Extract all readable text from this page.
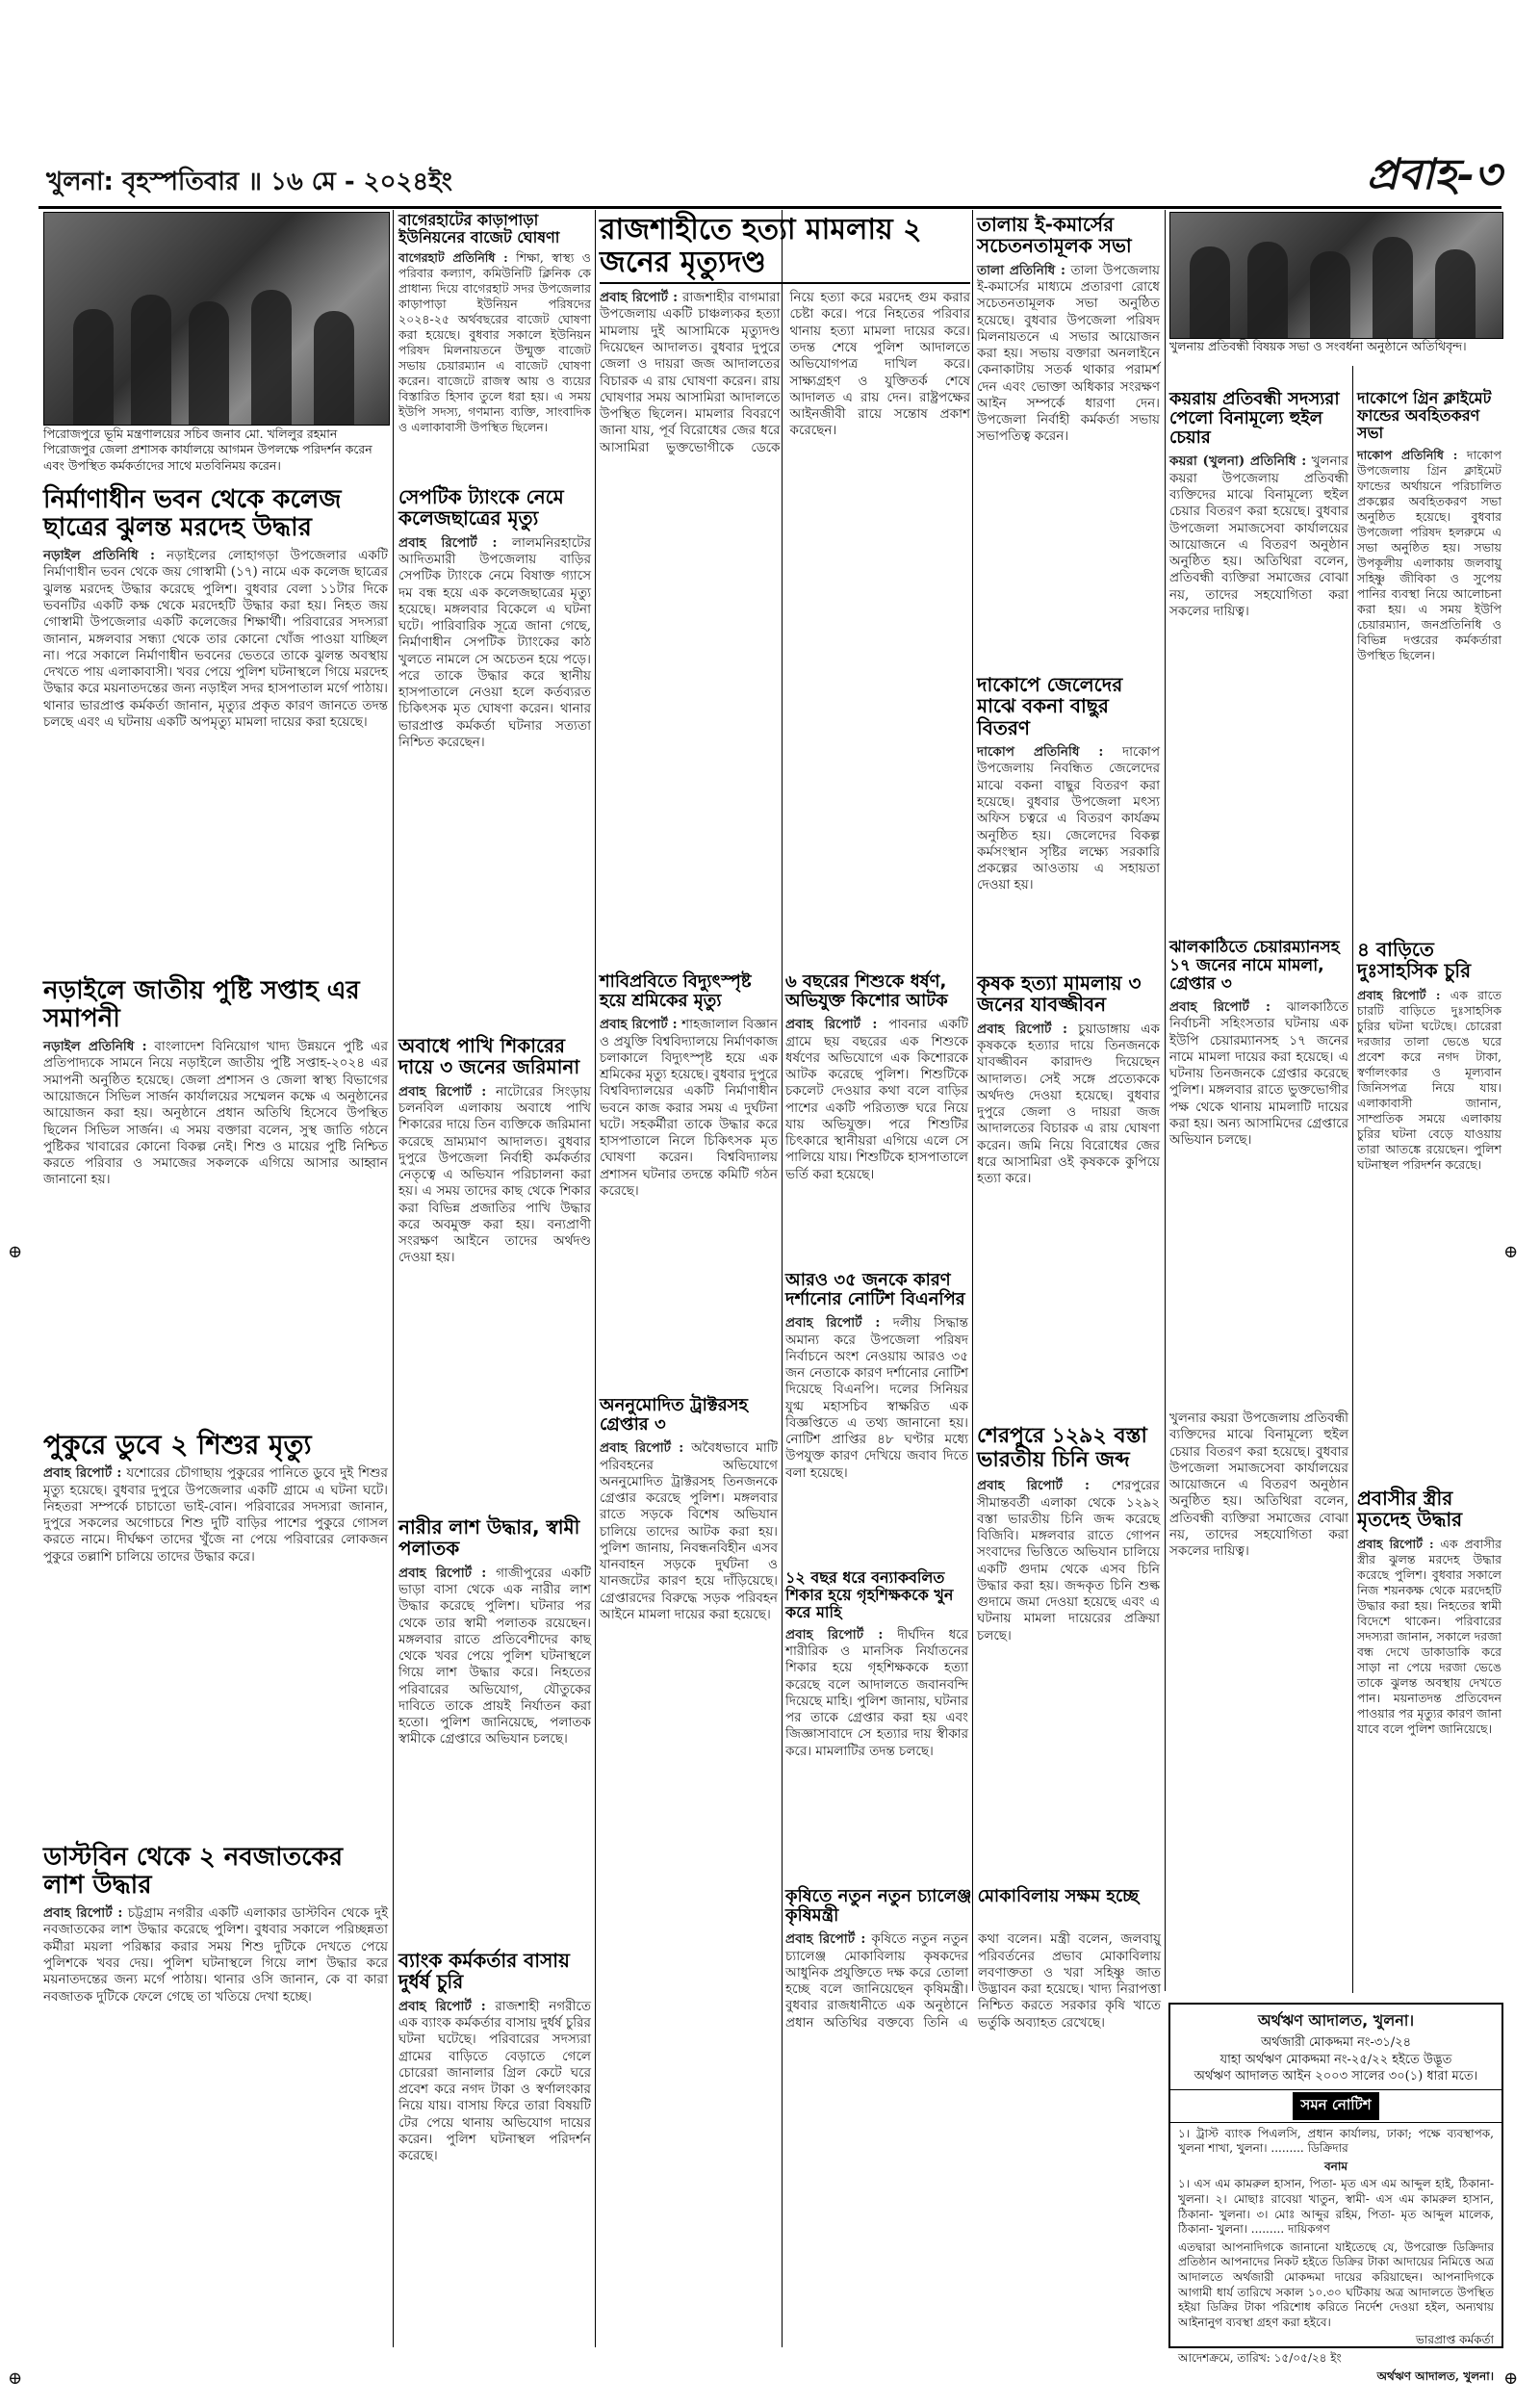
খুলনা: বৃহস্পতিবার ॥ ১৬ মে - ২০২৪ইং	প্রবাহ-৩
পিরোজপুরে ভূমি মন্ত্রণালয়ের সচিব জনাব মো. খলিলুর রহমান পিরোজপুর জেলা প্রশাসক কার্যালয়ে আগমন উপলক্ষে পরিদর্শন করেন এবং উপস্থিত কর্মকর্তাদের সাথে মতবিনিময় করেন।
নির্মাণাধীন ভবন থেকে কলেজ ছাত্রের ঝুলন্ত মরদেহ উদ্ধার
নড়াইল প্রতিনিধি : নড়াইলের লোহাগড়া উপজেলার একটি নির্মাণাধীন ভবন থেকে জয় গোস্বামী (১৭) নামে এক কলেজ ছাত্রের ঝুলন্ত মরদেহ উদ্ধার করেছে পুলিশ। বুধবার বেলা ১১টার দিকে ভবনটির একটি কক্ষ থেকে মরদেহটি উদ্ধার করা হয়। নিহত জয় গোস্বামী উপজেলার একটি কলেজের শিক্ষার্থী। পরিবারের সদস্যরা জানান, মঙ্গলবার সন্ধ্যা থেকে তার কোনো খোঁজ পাওয়া যাচ্ছিল না। পরে সকালে নির্মাণাধীন ভবনের ভেতরে তাকে ঝুলন্ত অবস্থায় দেখতে পায় এলাকাবাসী। খবর পেয়ে পুলিশ ঘটনাস্থলে গিয়ে মরদেহ উদ্ধার করে ময়নাতদন্তের জন্য নড়াইল সদর হাসপাতাল মর্গে পাঠায়। থানার ভারপ্রাপ্ত কর্মকর্তা জানান, মৃত্যুর প্রকৃত কারণ জানতে তদন্ত চলছে এবং এ ঘটনায় একটি অপমৃত্যু মামলা দায়ের করা হয়েছে।
নড়াইলে জাতীয় পুষ্টি সপ্তাহ এর সমাপনী
নড়াইল প্রতিনিধি : বাংলাদেশ বিনিয়োগ খাদ্য উন্নয়নে পুষ্টি এর প্রতিপাদ্যকে সামনে নিয়ে নড়াইলে জাতীয় পুষ্টি সপ্তাহ-২০২৪ এর সমাপনী অনুষ্ঠিত হয়েছে। জেলা প্রশাসন ও জেলা স্বাস্থ্য বিভাগের আয়োজনে সিভিল সার্জন কার্যালয়ের সম্মেলন কক্ষে এ অনুষ্ঠানের আয়োজন করা হয়। অনুষ্ঠানে প্রধান অতিথি হিসেবে উপস্থিত ছিলেন সিভিল সার্জন। এ সময় বক্তারা বলেন, সুস্থ জাতি গঠনে পুষ্টিকর খাবারের কোনো বিকল্প নেই। শিশু ও মায়ের পুষ্টি নিশ্চিত করতে পরিবার ও সমাজের সকলকে এগিয়ে আসার আহ্বান জানানো হয়।
পুকুরে ডুবে ২ শিশুর মৃত্যু
প্রবাহ রিপোর্ট : যশোরের চৌগাছায় পুকুরের পানিতে ডুবে দুই শিশুর মৃত্যু হয়েছে। বুধবার দুপুরে উপজেলার একটি গ্রামে এ ঘটনা ঘটে। নিহতরা সম্পর্কে চাচাতো ভাই-বোন। পরিবারের সদস্যরা জানান, দুপুরে সকলের অগোচরে শিশু দুটি বাড়ির পাশের পুকুরে গোসল করতে নামে। দীর্ঘক্ষণ তাদের খুঁজে না পেয়ে পরিবারের লোকজন পুকুরে তল্লাশি চালিয়ে তাদের উদ্ধার করে।
ডাস্টবিন থেকে ২ নবজাতকের লাশ উদ্ধার
প্রবাহ রিপোর্ট : চট্টগ্রাম নগরীর একটি এলাকার ডাস্টবিন থেকে দুই নবজাতকের লাশ উদ্ধার করেছে পুলিশ। বুধবার সকালে পরিচ্ছন্নতা কর্মীরা ময়লা পরিষ্কার করার সময় শিশু দুটিকে দেখতে পেয়ে পুলিশকে খবর দেয়। পুলিশ ঘটনাস্থলে গিয়ে লাশ উদ্ধার করে ময়নাতদন্তের জন্য মর্গে পাঠায়। থানার ওসি জানান, কে বা কারা নবজাতক দুটিকে ফেলে গেছে তা খতিয়ে দেখা হচ্ছে।
সেপটিক ট্যাংকে নেমে কলেজছাত্রের মৃত্যু
প্রবাহ রিপোর্ট : লালমনিরহাটের আদিতমারী উপজেলায় বাড়ির সেপটিক ট্যাংকে নেমে বিষাক্ত গ্যাসে দম বন্ধ হয়ে এক কলেজছাত্রের মৃত্যু হয়েছে। মঙ্গলবার বিকেলে এ ঘটনা ঘটে। পারিবারিক সূত্রে জানা গেছে, নির্মাণাধীন সেপটিক ট্যাংকের কাঠ খুলতে নামলে সে অচেতন হয়ে পড়ে। পরে তাকে উদ্ধার করে স্থানীয় হাসপাতালে নেওয়া হলে কর্তব্যরত চিকিৎসক মৃত ঘোষণা করেন। থানার ভারপ্রাপ্ত কর্মকর্তা ঘটনার সত্যতা নিশ্চিত করেছেন।
অবাধে পাখি শিকারের দায়ে ৩ জনের জরিমানা
প্রবাহ রিপোর্ট : নাটোরের সিংড়ায় চলনবিল এলাকায় অবাধে পাখি শিকারের দায়ে তিন ব্যক্তিকে জরিমানা করেছে ভ্রাম্যমাণ আদালত। বুধবার দুপুরে উপজেলা নির্বাহী কর্মকর্তার নেতৃত্বে এ অভিযান পরিচালনা করা হয়। এ সময় তাদের কাছ থেকে শিকার করা বিভিন্ন প্রজাতির পাখি উদ্ধার করে অবমুক্ত করা হয়। বন্যপ্রাণী সংরক্ষণ আইনে তাদের অর্থদণ্ড দেওয়া হয়।
নারীর লাশ উদ্ধার, স্বামী পলাতক
প্রবাহ রিপোর্ট : গাজীপুরের একটি ভাড়া বাসা থেকে এক নারীর লাশ উদ্ধার করেছে পুলিশ। ঘটনার পর থেকে তার স্বামী পলাতক রয়েছেন। মঙ্গলবার রাতে প্রতিবেশীদের কাছ থেকে খবর পেয়ে পুলিশ ঘটনাস্থলে গিয়ে লাশ উদ্ধার করে। নিহতের পরিবারের অভিযোগ, যৌতুকের দাবিতে তাকে প্রায়ই নির্যাতন করা হতো। পুলিশ জানিয়েছে, পলাতক স্বামীকে গ্রেপ্তারে অভিযান চলছে।
ব্যাংক কর্মকর্তার বাসায় দুর্ধর্ষ চুরি
প্রবাহ রিপোর্ট : রাজশাহী নগরীতে এক ব্যাংক কর্মকর্তার বাসায় দুর্ধর্ষ চুরির ঘটনা ঘটেছে। পরিবারের সদস্যরা গ্রামের বাড়িতে বেড়াতে গেলে চোরেরা জানালার গ্রিল কেটে ঘরে প্রবেশ করে নগদ টাকা ও স্বর্ণালংকার নিয়ে যায়। বাসায় ফিরে তারা বিষয়টি টের পেয়ে থানায় অভিযোগ দায়ের করেন। পুলিশ ঘটনাস্থল পরিদর্শন করেছে।
বাগেরহাটের কাড়াপাড়া ইউনিয়নের বাজেট ঘোষণা
বাগেরহাট প্রতিনিধি : শিক্ষা, স্বাস্থ্য ও পরিবার কল্যাণ, কমিউনিটি ক্লিনিক কে প্রাধান্য দিয়ে বাগেরহাট সদর উপজেলার কাড়াপাড়া ইউনিয়ন পরিষদের ২০২৪-২৫ অর্থবছরের বাজেট ঘোষণা করা হয়েছে। বুধবার সকালে ইউনিয়ন পরিষদ মিলনায়তনে উন্মুক্ত বাজেট সভায় চেয়ারম্যান এ বাজেট ঘোষণা করেন। বাজেটে রাজস্ব আয় ও ব্যয়ের বিস্তারিত হিসাব তুলে ধরা হয়। এ সময় ইউপি সদস্য, গণমান্য ব্যক্তি, সাংবাদিক ও এলাকাবাসী উপস্থিত ছিলেন।
শাবিপ্রবিতে বিদ্যুৎস্পৃষ্ট হয়ে শ্রমিকের মৃত্যু
প্রবাহ রিপোর্ট : শাহজালাল বিজ্ঞান ও প্রযুক্তি বিশ্ববিদ্যালয়ে নির্মাণকাজ চলাকালে বিদ্যুৎস্পৃষ্ট হয়ে এক শ্রমিকের মৃত্যু হয়েছে। বুধবার দুপুরে বিশ্ববিদ্যালয়ের একটি নির্মাণাধীন ভবনে কাজ করার সময় এ দুর্ঘটনা ঘটে। সহকর্মীরা তাকে উদ্ধার করে হাসপাতালে নিলে চিকিৎসক মৃত ঘোষণা করেন। বিশ্ববিদ্যালয় প্রশাসন ঘটনার তদন্তে কমিটি গঠন করেছে।
অননুমোদিত ট্রাক্টরসহ গ্রেপ্তার ৩
প্রবাহ রিপোর্ট : অবৈধভাবে মাটি পরিবহনের অভিযোগে অননুমোদিত ট্রাক্টরসহ তিনজনকে গ্রেপ্তার করেছে পুলিশ। মঙ্গলবার রাতে সড়কে বিশেষ অভিযান চালিয়ে তাদের আটক করা হয়। পুলিশ জানায়, নিবন্ধনবিহীন এসব যানবাহন সড়কে দুর্ঘটনা ও যানজটের কারণ হয়ে দাঁড়িয়েছে। গ্রেপ্তারদের বিরুদ্ধে সড়ক পরিবহন আইনে মামলা দায়ের করা হয়েছে।
রাজশাহীতে হত্যা মামলায় ২ জনের মৃত্যুদণ্ড
প্রবাহ রিপোর্ট : রাজশাহীর বাগমারা উপজেলায় একটি চাঞ্চল্যকর হত্যা মামলায় দুই আসামিকে মৃত্যুদণ্ড দিয়েছেন আদালত। বুধবার দুপুরে জেলা ও দায়রা জজ আদালতের বিচারক এ রায় ঘোষণা করেন। রায় ঘোষণার সময় আসামিরা আদালতে উপস্থিত ছিলেন। মামলার বিবরণে জানা যায়, পূর্ব বিরোধের জের ধরে আসামিরা ভুক্তভোগীকে ডেকে নিয়ে হত্যা করে মরদেহ গুম করার চেষ্টা করে। পরে নিহতের পরিবার থানায় হত্যা মামলা দায়ের করে। তদন্ত শেষে পুলিশ আদালতে অভিযোগপত্র দাখিল করে। সাক্ষ্যগ্রহণ ও যুক্তিতর্ক শেষে আদালত এ রায় দেন। রাষ্ট্রপক্ষের আইনজীবী রায়ে সন্তোষ প্রকাশ করেছেন।
৬ বছরের শিশুকে ধর্ষণ, অভিযুক্ত কিশোর আটক
প্রবাহ রিপোর্ট : পাবনার একটি গ্রামে ছয় বছরের এক শিশুকে ধর্ষণের অভিযোগে এক কিশোরকে আটক করেছে পুলিশ। শিশুটিকে চকলেট দেওয়ার কথা বলে বাড়ির পাশের একটি পরিত্যক্ত ঘরে নিয়ে যায় অভিযুক্ত। পরে শিশুটির চিৎকারে স্থানীয়রা এগিয়ে এলে সে পালিয়ে যায়। শিশুটিকে হাসপাতালে ভর্তি করা হয়েছে।
আরও ৩৫ জনকে কারণ দর্শানোর নোটিশ বিএনপির
প্রবাহ রিপোর্ট : দলীয় সিদ্ধান্ত অমান্য করে উপজেলা পরিষদ নির্বাচনে অংশ নেওয়ায় আরও ৩৫ জন নেতাকে কারণ দর্শানোর নোটিশ দিয়েছে বিএনপি। দলের সিনিয়র যুগ্ম মহাসচিব স্বাক্ষরিত এক বিজ্ঞপ্তিতে এ তথ্য জানানো হয়। নোটিশ প্রাপ্তির ৪৮ ঘণ্টার মধ্যে উপযুক্ত কারণ দেখিয়ে জবাব দিতে বলা হয়েছে।
১২ বছর ধরে বন্যাকবলিত শিকার হয়ে গৃহশিক্ষককে খুন করে মাহি
প্রবাহ রিপোর্ট : দীর্ঘদিন ধরে শারীরিক ও মানসিক নির্যাতনের শিকার হয়ে গৃহশিক্ষককে হত্যা করেছে বলে আদালতে জবানবন্দি দিয়েছে মাহি। পুলিশ জানায়, ঘটনার পর তাকে গ্রেপ্তার করা হয় এবং জিজ্ঞাসাবাদে সে হত্যার দায় স্বীকার করে। মামলাটির তদন্ত চলছে।
কৃষিতে নতুন নতুন চ্যালেঞ্জ মোকাবিলায় সক্ষম হচ্ছে কৃষিমন্ত্রী
প্রবাহ রিপোর্ট : কৃষিতে নতুন নতুন চ্যালেঞ্জ মোকাবিলায় কৃষকদের আধুনিক প্রযুক্তিতে দক্ষ করে তোলা হচ্ছে বলে জানিয়েছেন কৃষিমন্ত্রী। বুধবার রাজধানীতে এক অনুষ্ঠানে প্রধান অতিথির বক্তব্যে তিনি এ কথা বলেন। মন্ত্রী বলেন, জলবায়ু পরিবর্তনের প্রভাব মোকাবিলায় লবণাক্ততা ও খরা সহিষ্ণু জাত উদ্ভাবন করা হয়েছে। খাদ্য নিরাপত্তা নিশ্চিত করতে সরকার কৃষি খাতে ভর্তুকি অব্যাহত রেখেছে।
তালায় ই-কমার্সের সচেতনতামূলক সভা
তালা প্রতিনিধি : তালা উপজেলায় ই-কমার্সের মাধ্যমে প্রতারণা রোধে সচেতনতামূলক সভা অনুষ্ঠিত হয়েছে। বুধবার উপজেলা পরিষদ মিলনায়তনে এ সভার আয়োজন করা হয়। সভায় বক্তারা অনলাইনে কেনাকাটায় সতর্ক থাকার পরামর্শ দেন এবং ভোক্তা অধিকার সংরক্ষণ আইন সম্পর্কে ধারণা দেন। উপজেলা নির্বাহী কর্মকর্তা সভায় সভাপতিত্ব করেন।
দাকোপে জেলেদের মাঝে বকনা বাছুর বিতরণ
দাকোপ প্রতিনিধি : দাকোপ উপজেলায় নিবন্ধিত জেলেদের মাঝে বকনা বাছুর বিতরণ করা হয়েছে। বুধবার উপজেলা মৎস্য অফিস চত্বরে এ বিতরণ কার্যক্রম অনুষ্ঠিত হয়। জেলেদের বিকল্প কর্মসংস্থান সৃষ্টির লক্ষ্যে সরকারি প্রকল্পের আওতায় এ সহায়তা দেওয়া হয়।
কৃষক হত্যা মামলায় ৩ জনের যাবজ্জীবন
প্রবাহ রিপোর্ট : চুয়াডাঙ্গায় এক কৃষককে হত্যার দায়ে তিনজনকে যাবজ্জীবন কারাদণ্ড দিয়েছেন আদালত। সেই সঙ্গে প্রত্যেককে অর্থদণ্ড দেওয়া হয়েছে। বুধবার দুপুরে জেলা ও দায়রা জজ আদালতের বিচারক এ রায় ঘোষণা করেন। জমি নিয়ে বিরোধের জের ধরে আসামিরা ওই কৃষককে কুপিয়ে হত্যা করে।
শেরপুরে ১২৯২ বস্তা ভারতীয় চিনি জব্দ
প্রবাহ রিপোর্ট : শেরপুরের সীমান্তবর্তী এলাকা থেকে ১২৯২ বস্তা ভারতীয় চিনি জব্দ করেছে বিজিবি। মঙ্গলবার রাতে গোপন সংবাদের ভিত্তিতে অভিযান চালিয়ে একটি গুদাম থেকে এসব চিনি উদ্ধার করা হয়। জব্দকৃত চিনি শুল্ক গুদামে জমা দেওয়া হয়েছে এবং এ ঘটনায় মামলা দায়েরের প্রক্রিয়া চলছে।
খুলনায় প্রতিবন্ধী বিষয়ক সভা ও সংবর্ধনা অনুষ্ঠানে অতিথিবৃন্দ।
কয়রায় প্রতিবন্ধী সদস্যরা পেলো বিনামূল্যে হুইল চেয়ার
কয়রা (খুলনা) প্রতিনিধি : খুলনার কয়রা উপজেলায় প্রতিবন্ধী ব্যক্তিদের মাঝে বিনামূল্যে হুইল চেয়ার বিতরণ করা হয়েছে। বুধবার উপজেলা সমাজসেবা কার্যালয়ের আয়োজনে এ বিতরণ অনুষ্ঠান অনুষ্ঠিত হয়। অতিথিরা বলেন, প্রতিবন্ধী ব্যক্তিরা সমাজের বোঝা নয়, তাদের সহযোগিতা করা সকলের দায়িত্ব।
ঝালকাঠিতে চেয়ারম্যানসহ ১৭ জনের নামে মামলা, গ্রেপ্তার ৩
প্রবাহ রিপোর্ট : ঝালকাঠিতে নির্বাচনী সহিংসতার ঘটনায় এক ইউপি চেয়ারম্যানসহ ১৭ জনের নামে মামলা দায়ের করা হয়েছে। এ ঘটনায় তিনজনকে গ্রেপ্তার করেছে পুলিশ। মঙ্গলবার রাতে ভুক্তভোগীর পক্ষ থেকে থানায় মামলাটি দায়ের করা হয়। অন্য আসামিদের গ্রেপ্তারে অভিযান চলছে।
খুলনার কয়রা উপজেলায় প্রতিবন্ধী ব্যক্তিদের মাঝে বিনামূল্যে হুইল চেয়ার বিতরণ করা হয়েছে। বুধবার উপজেলা সমাজসেবা কার্যালয়ের আয়োজনে এ বিতরণ অনুষ্ঠান অনুষ্ঠিত হয়। অতিথিরা বলেন, প্রতিবন্ধী ব্যক্তিরা সমাজের বোঝা নয়, তাদের সহযোগিতা করা সকলের দায়িত্ব।
দাকোপে গ্রিন ক্লাইমেট ফান্ডের অবহিতকরণ সভা
দাকোপ প্রতিনিধি : দাকোপ উপজেলায় গ্রিন ক্লাইমেট ফান্ডের অর্থায়নে পরিচালিত প্রকল্পের অবহিতকরণ সভা অনুষ্ঠিত হয়েছে। বুধবার উপজেলা পরিষদ হলরুমে এ সভা অনুষ্ঠিত হয়। সভায় উপকূলীয় এলাকায় জলবায়ু সহিষ্ণু জীবিকা ও সুপেয় পানির ব্যবস্থা নিয়ে আলোচনা করা হয়। এ সময় ইউপি চেয়ারম্যান, জনপ্রতিনিধি ও বিভিন্ন দপ্তরের কর্মকর্তারা উপস্থিত ছিলেন।
৪ বাড়িতে দুঃসাহসিক চুরি
প্রবাহ রিপোর্ট : এক রাতে চারটি বাড়িতে দুঃসাহসিক চুরির ঘটনা ঘটেছে। চোরেরা দরজার তালা ভেঙে ঘরে প্রবেশ করে নগদ টাকা, স্বর্ণালংকার ও মূল্যবান জিনিসপত্র নিয়ে যায়। এলাকাবাসী জানান, সাম্প্রতিক সময়ে এলাকায় চুরির ঘটনা বেড়ে যাওয়ায় তারা আতঙ্কে রয়েছেন। পুলিশ ঘটনাস্থল পরিদর্শন করেছে।
প্রবাসীর স্ত্রীর মৃতদেহ উদ্ধার
প্রবাহ রিপোর্ট : এক প্রবাসীর স্ত্রীর ঝুলন্ত মরদেহ উদ্ধার করেছে পুলিশ। বুধবার সকালে নিজ শয়নকক্ষ থেকে মরদেহটি উদ্ধার করা হয়। নিহতের স্বামী বিদেশে থাকেন। পরিবারের সদস্যরা জানান, সকালে দরজা বন্ধ দেখে ডাকাডাকি করে সাড়া না পেয়ে দরজা ভেঙে তাকে ঝুলন্ত অবস্থায় দেখতে পান। ময়নাতদন্ত প্রতিবেদন পাওয়ার পর মৃত্যুর কারণ জানা যাবে বলে পুলিশ জানিয়েছে।
অর্থঋণ আদালত, খুলনা।
অর্থজারী মোকদ্দমা নং-৩১/২৪
যাহা অর্থঋণ মোকদ্দমা নং-২৫/২২ হইতে উদ্ভূত
অর্থঋণ আদালত আইন ২০০৩ সালের ৩০(১) ধারা মতে।
সমন নোটিশ
১। ট্রাস্ট ব্যাংক পিএলসি, প্রধান কার্যালয়, ঢাকা; পক্ষে ব্যবস্থাপক, খুলনা শাখা, খুলনা। ......... ডিক্রিদার
বনাম
১। এস এম কামরুল হাসান, পিতা- মৃত এস এম আব্দুল হাই, ঠিকানা- খুলনা। ২। মোছাঃ রাবেয়া খাতুন, স্বামী- এস এম কামরুল হাসান, ঠিকানা- খুলনা। ৩। মোঃ আব্দুর রহিম, পিতা- মৃত আব্দুল মালেক, ঠিকানা- খুলনা। ......... দায়িকগণ
এতদ্বারা আপনাদিগকে জানানো যাইতেছে যে, উপরোক্ত ডিক্রিদার প্রতিষ্ঠান আপনাদের নিকট হইতে ডিক্রির টাকা আদায়ের নিমিত্তে অত্র আদালতে অর্থজারী মোকদ্দমা দায়ের করিয়াছেন। আপনাদিগকে আগামী ধার্য তারিখে সকাল ১০.৩০ ঘটিকায় অত্র আদালতে উপস্থিত হইয়া ডিক্রির টাকা পরিশোধ করিতে নির্দেশ দেওয়া হইল, অন্যথায় আইনানুগ ব্যবস্থা গ্রহণ করা হইবে।
ভারপ্রাপ্ত কর্মকর্তা
আদেশক্রমে, তারিখ: ১৫/০৫/২৪ ইং
অর্থঋণ আদালত, খুলনা।
⊕	⊕
⊕	⊕
